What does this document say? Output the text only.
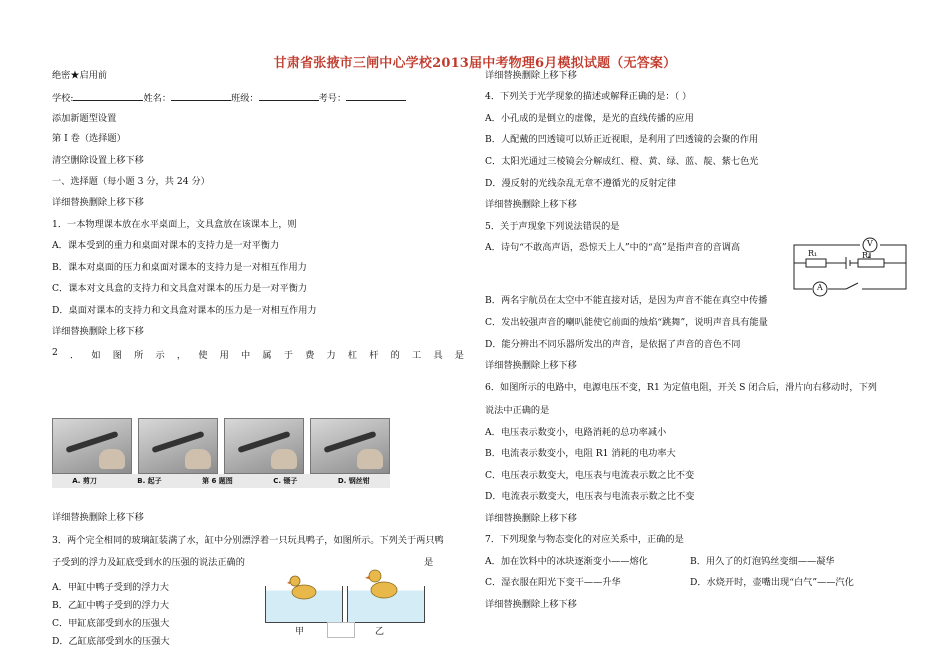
甘肃省张掖市三闸中心学校2013届中考物理6月模拟试题（无答案）
绝密★启用前
学校:	姓名：	班级：	考号：
添加新题型设置
第 I 卷（选择题）
清空删除设置上移下移
一、选择题（每小题 3 分，共 24 分）
详细替换删除上移下移
1．一本物理课本放在水平桌面上，文具盒放在该课本上，则
A．课本受到的重力和桌面对课本的支持力是一对平衡力
B．课本对桌面的压力和桌面对课本的支持力是一对相互作用力
C．课本对文具盒的支持力和文具盒对课本的压力是一对平衡力
D．桌面对课本的支持力和文具盒对课本的压力是一对相互作用力
详细替换删除上移下移
2 ． 如 图 所 示 ， 使 用 中 属 于 费 力 杠 杆 的 工 具 是
详细替换删除上移下移
3．两个完全相同的玻璃缸装满了水，缸中分别漂浮着一只玩具鸭子，如图所示。下列关于两只鸭
子受到的浮力及缸底受到水的压强的说法正确的	是
A．甲缸中鸭子受到的浮力大
B．乙缸中鸭子受到的浮力大
C．甲缸底部受到水的压强大
D．乙缸底部受到水的压强大
A. 剪刀	B. 起子	第 6 题图	C. 镊子	D. 钢丝钳
甲	乙
详细替换删除上移下移
4．下列关于光学现象的描述或解释正确的是：（ ）
A．小孔成的是倒立的虚像，是光的直线传播的应用
B．人配戴的凹透镜可以矫正近视眼，是利用了凹透镜的会聚的作用
C．太阳光通过三棱镜会分解成红、橙、黄、绿、蓝、靛、紫七色光
D．漫反射的光线杂乱无章不遵循光的反射定律
详细替换删除上移下移
5．关于声现象下列说法错误的是
A．诗句“不敢高声语，恐惊天上人”中的“高”是指声音的音调高
B．两名宇航员在太空中不能直接对话，是因为声音不能在真空中传播
C．发出较强声音的喇叭能使它前面的烛焰“跳舞”，说明声音具有能量
D．能分辨出不同乐器所发出的声音，是依据了声音的音色不同
详细替换删除上移下移
6．如图所示的电路中，电源电压不变，R1 为定值电阻，开关 S 闭合后，滑片向右移动时，下列
说法中正确的是
A．电压表示数变小，电路消耗的总功率减小
B．电流表示数变小，电阻 R1 消耗的电功率大
C．电压表示数变大，电压表与电流表示数之比不变
D．电流表示数变大，电压表与电流表示数之比不变
详细替换删除上移下移
7．下列现象与物态变化的对应关系中，正确的是
A．加在饮料中的冰块逐渐变小——熔化	B．用久了的灯泡钨丝变细——凝华
C．湿衣服在阳光下变干——升华	D．水烧开时，壶嘴出现“白气”——汽化
详细替换删除上移下移
V
A
R₁	R₂
